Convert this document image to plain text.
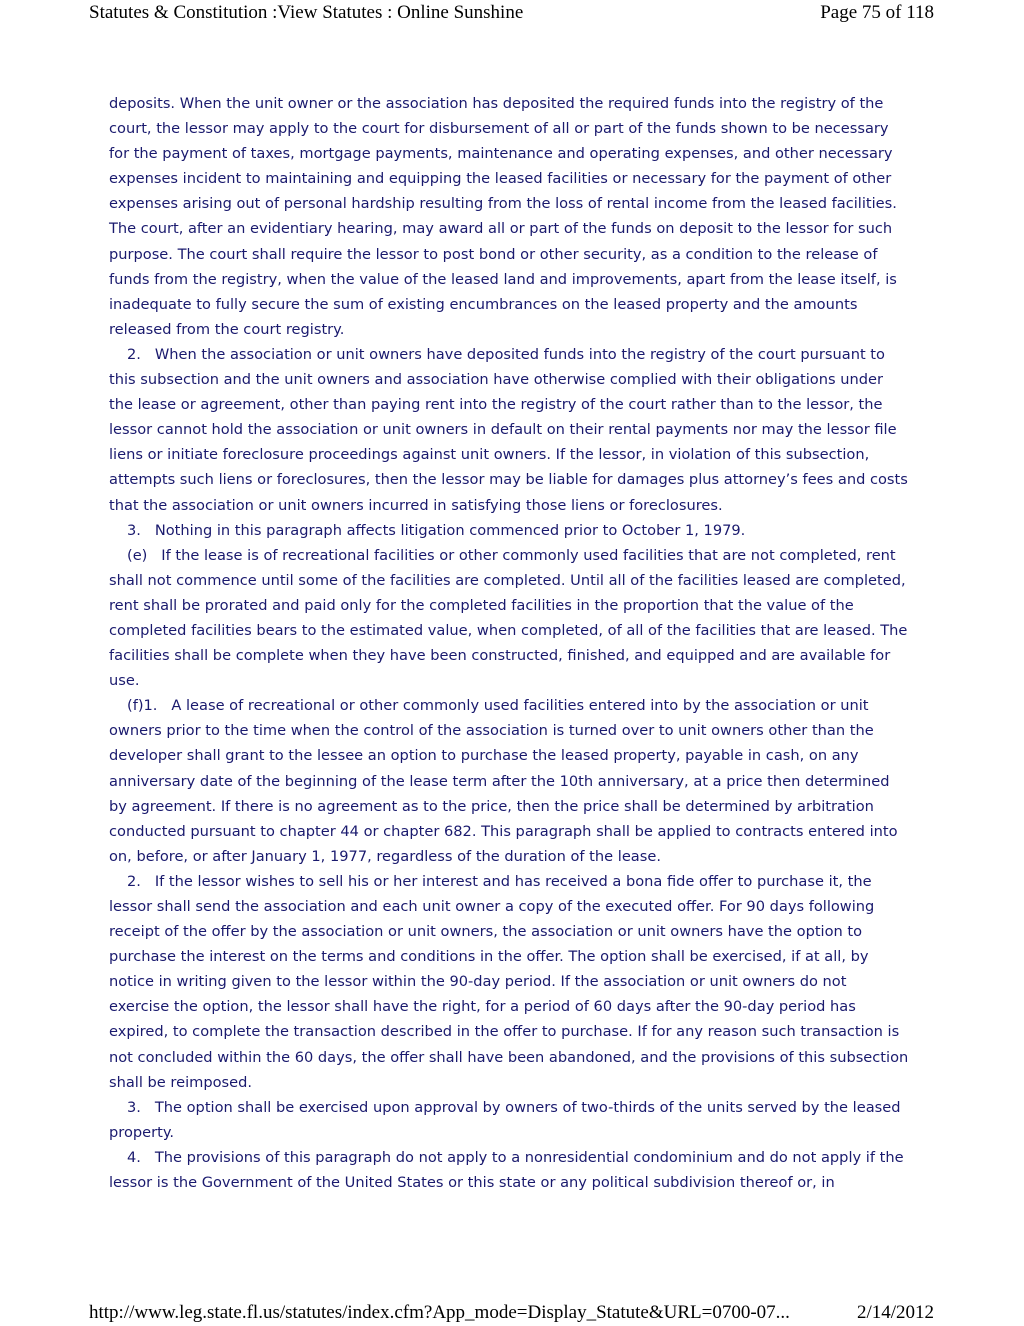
Statutes & Constitution :View Statutes : Online Sunshine	Page 75 of 118

deposits. When the unit owner or the association has deposited the required funds into the registry of the court, the lessor may apply to the court for disbursement of all or part of the funds shown to be necessary for the payment of taxes, mortgage payments, maintenance and operating expenses, and other necessary expenses incident to maintaining and equipping the leased facilities or necessary for the payment of other expenses arising out of personal hardship resulting from the loss of rental income from the leased facilities. The court, after an evidentiary hearing, may award all or part of the funds on deposit to the lessor for such purpose. The court shall require the lessor to post bond or other security, as a condition to the release of funds from the registry, when the value of the leased land and improvements, apart from the lease itself, is inadequate to fully secure the sum of existing encumbrances on the leased property and the amounts released from the court registry.

2.   When the association or unit owners have deposited funds into the registry of the court pursuant to this subsection and the unit owners and association have otherwise complied with their obligations under the lease or agreement, other than paying rent into the registry of the court rather than to the lessor, the lessor cannot hold the association or unit owners in default on their rental payments nor may the lessor file liens or initiate foreclosure proceedings against unit owners. If the lessor, in violation of this subsection, attempts such liens or foreclosures, then the lessor may be liable for damages plus attorney’s fees and costs that the association or unit owners incurred in satisfying those liens or foreclosures.

3.   Nothing in this paragraph affects litigation commenced prior to October 1, 1979.

(e)   If the lease is of recreational facilities or other commonly used facilities that are not completed, rent shall not commence until some of the facilities are completed. Until all of the facilities leased are completed, rent shall be prorated and paid only for the completed facilities in the proportion that the value of the completed facilities bears to the estimated value, when completed, of all of the facilities that are leased. The facilities shall be complete when they have been constructed, finished, and equipped and are available for use.

(f)1.   A lease of recreational or other commonly used facilities entered into by the association or unit owners prior to the time when the control of the association is turned over to unit owners other than the developer shall grant to the lessee an option to purchase the leased property, payable in cash, on any anniversary date of the beginning of the lease term after the 10th anniversary, at a price then determined by agreement. If there is no agreement as to the price, then the price shall be determined by arbitration conducted pursuant to chapter 44 or chapter 682. This paragraph shall be applied to contracts entered into on, before, or after January 1, 1977, regardless of the duration of the lease.

2.   If the lessor wishes to sell his or her interest and has received a bona fide offer to purchase it, the lessor shall send the association and each unit owner a copy of the executed offer. For 90 days following receipt of the offer by the association or unit owners, the association or unit owners have the option to purchase the interest on the terms and conditions in the offer. The option shall be exercised, if at all, by notice in writing given to the lessor within the 90-day period. If the association or unit owners do not exercise the option, the lessor shall have the right, for a period of 60 days after the 90-day period has expired, to complete the transaction described in the offer to purchase. If for any reason such transaction is not concluded within the 60 days, the offer shall have been abandoned, and the provisions of this subsection shall be reimposed.

3.   The option shall be exercised upon approval by owners of two-thirds of the units served by the leased property.

4.   The provisions of this paragraph do not apply to a nonresidential condominium and do not apply if the lessor is the Government of the United States or this state or any political subdivision thereof or, in

http://www.leg.state.fl.us/statutes/index.cfm?App_mode=Display_Statute&URL=0700-07...	2/14/2012
